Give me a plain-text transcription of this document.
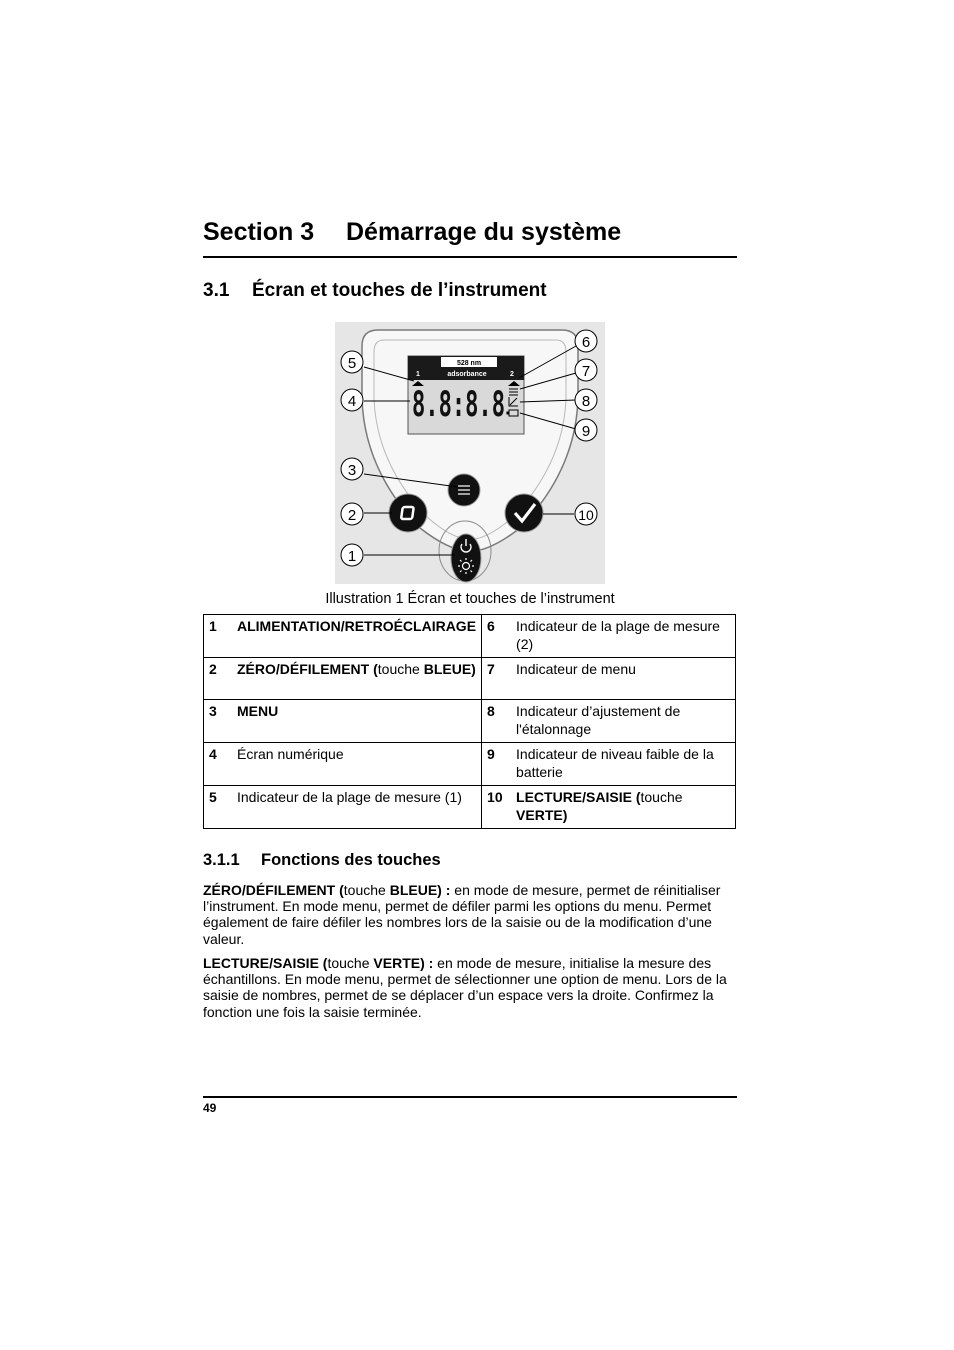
Section 3 Démarrage du système
3.1 Écran et touches de l’instrument
528 nm
adsorbance
1	2
8.8:8.8
5
4
3
2
1
6
7
8
9
10
Illustration 1 Écran et touches de l’instrument
1	ALIMENTATION/RETROÉCLAIRAGE	6	Indicateur de la plage de mesure (2)
2	ZÉRO/DÉFILEMENT (touche BLEUE)	7	Indicateur de menu
3	MENU	8	Indicateur d’ajustement de l'étalonnage
4	Écran numérique	9	Indicateur de niveau faible de la batterie
5	Indicateur de la plage de mesure (1)	10	LECTURE/SAISIE (touche VERTE)
3.1.1 Fonctions des touches
ZÉRO/DÉFILEMENT (touche BLEUE) : en mode de mesure, permet de réinitialiser l’instrument. En mode menu, permet de défiler parmi les options du menu. Permet également de faire défiler les nombres lors de la saisie ou de la modification d’une valeur.
LECTURE/SAISIE (touche VERTE) : en mode de mesure, initialise la mesure des échantillons. En mode menu, permet de sélectionner une option de menu. Lors de la saisie de nombres, permet de se déplacer d’un espace vers la droite. Confirmez la fonction une fois la saisie terminée.
49
